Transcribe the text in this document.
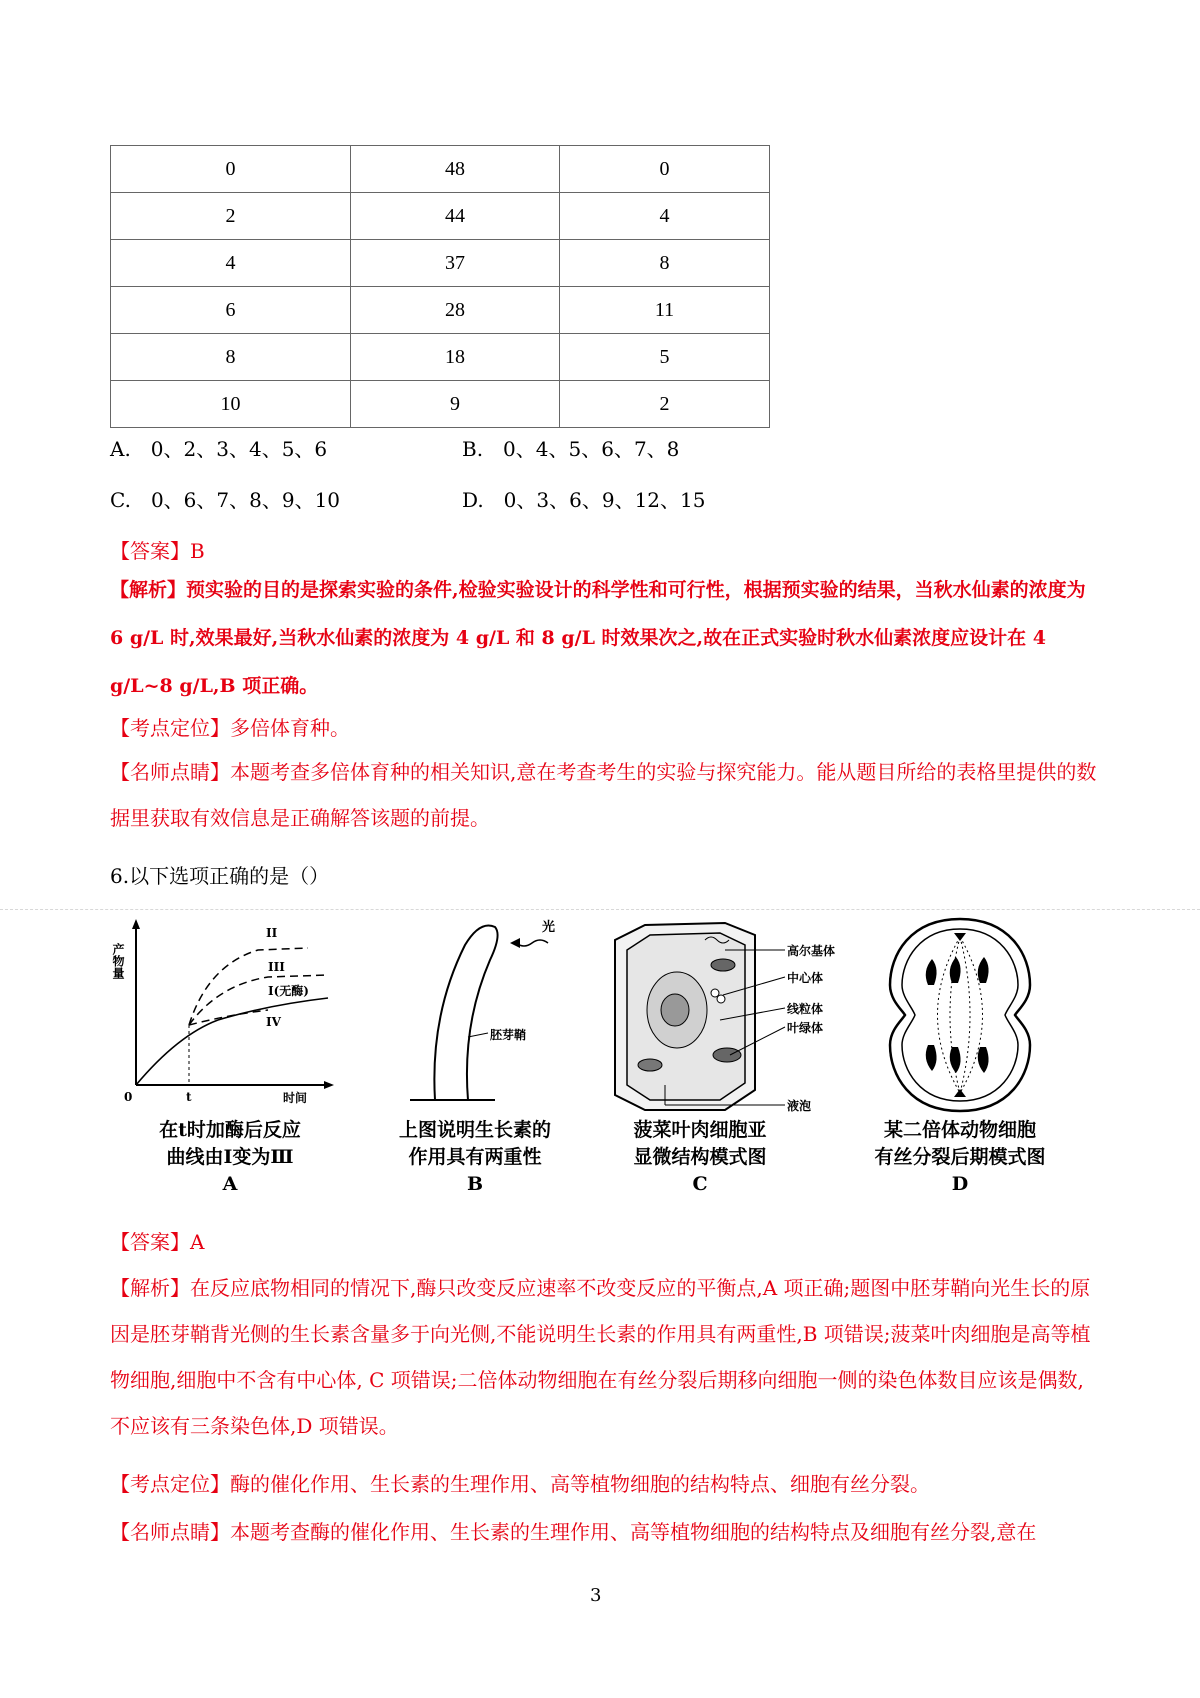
0	48	0
2	44	4
4	37	8
6	28	11
8	18	5
10	9	2
A.　0、2、3、4、5、6	B.　0、4、5、6、7、8
C.　0、6、7、8、9、10	D.　0、3、6、9、12、15
【答案】B
【解析】预实验的目的是探索实验的条件,检验实验设计的科学性和可行性，根据预实验的结果，当秋水仙素的浓度为 6 g/L 时,效果最好,当秋水仙素的浓度为 4 g/L 和 8 g/L 时效果次之,故在正式实验时秋水仙素浓度应设计在 4 g/L~8 g/L,B 项正确。
【考点定位】多倍体育种。
【名师点睛】本题考查多倍体育种的相关知识,意在考查考生的实验与探究能力。能从题目所给的表格里提供的数据里获取有效信息是正确解答该题的前提。
6.以下选项正确的是（）
产物量
0	t	时间
II
III
I(无酶)
IV
在t时加酶后反应
曲线由Ⅰ变为Ⅲ
A
光
胚芽鞘
上图说明生长素的
作用具有两重性
B
高尔基体
中心体
线粒体
叶绿体
液泡
菠菜叶肉细胞亚
显微结构模式图
C
某二倍体动物细胞
有丝分裂后期模式图
D
【答案】A
【解析】在反应底物相同的情况下,酶只改变反应速率不改变反应的平衡点,A 项正确;题图中胚芽鞘向光生长的原因是胚芽鞘背光侧的生长素含量多于向光侧,不能说明生长素的作用具有两重性,B 项错误;菠菜叶肉细胞是高等植物细胞,细胞中不含有中心体, C 项错误;二倍体动物细胞在有丝分裂后期移向细胞一侧的染色体数目应该是偶数,不应该有三条染色体,D 项错误。
【考点定位】酶的催化作用、生长素的生理作用、高等植物细胞的结构特点、细胞有丝分裂。
【名师点睛】本题考查酶的催化作用、生长素的生理作用、高等植物细胞的结构特点及细胞有丝分裂,意在
3
